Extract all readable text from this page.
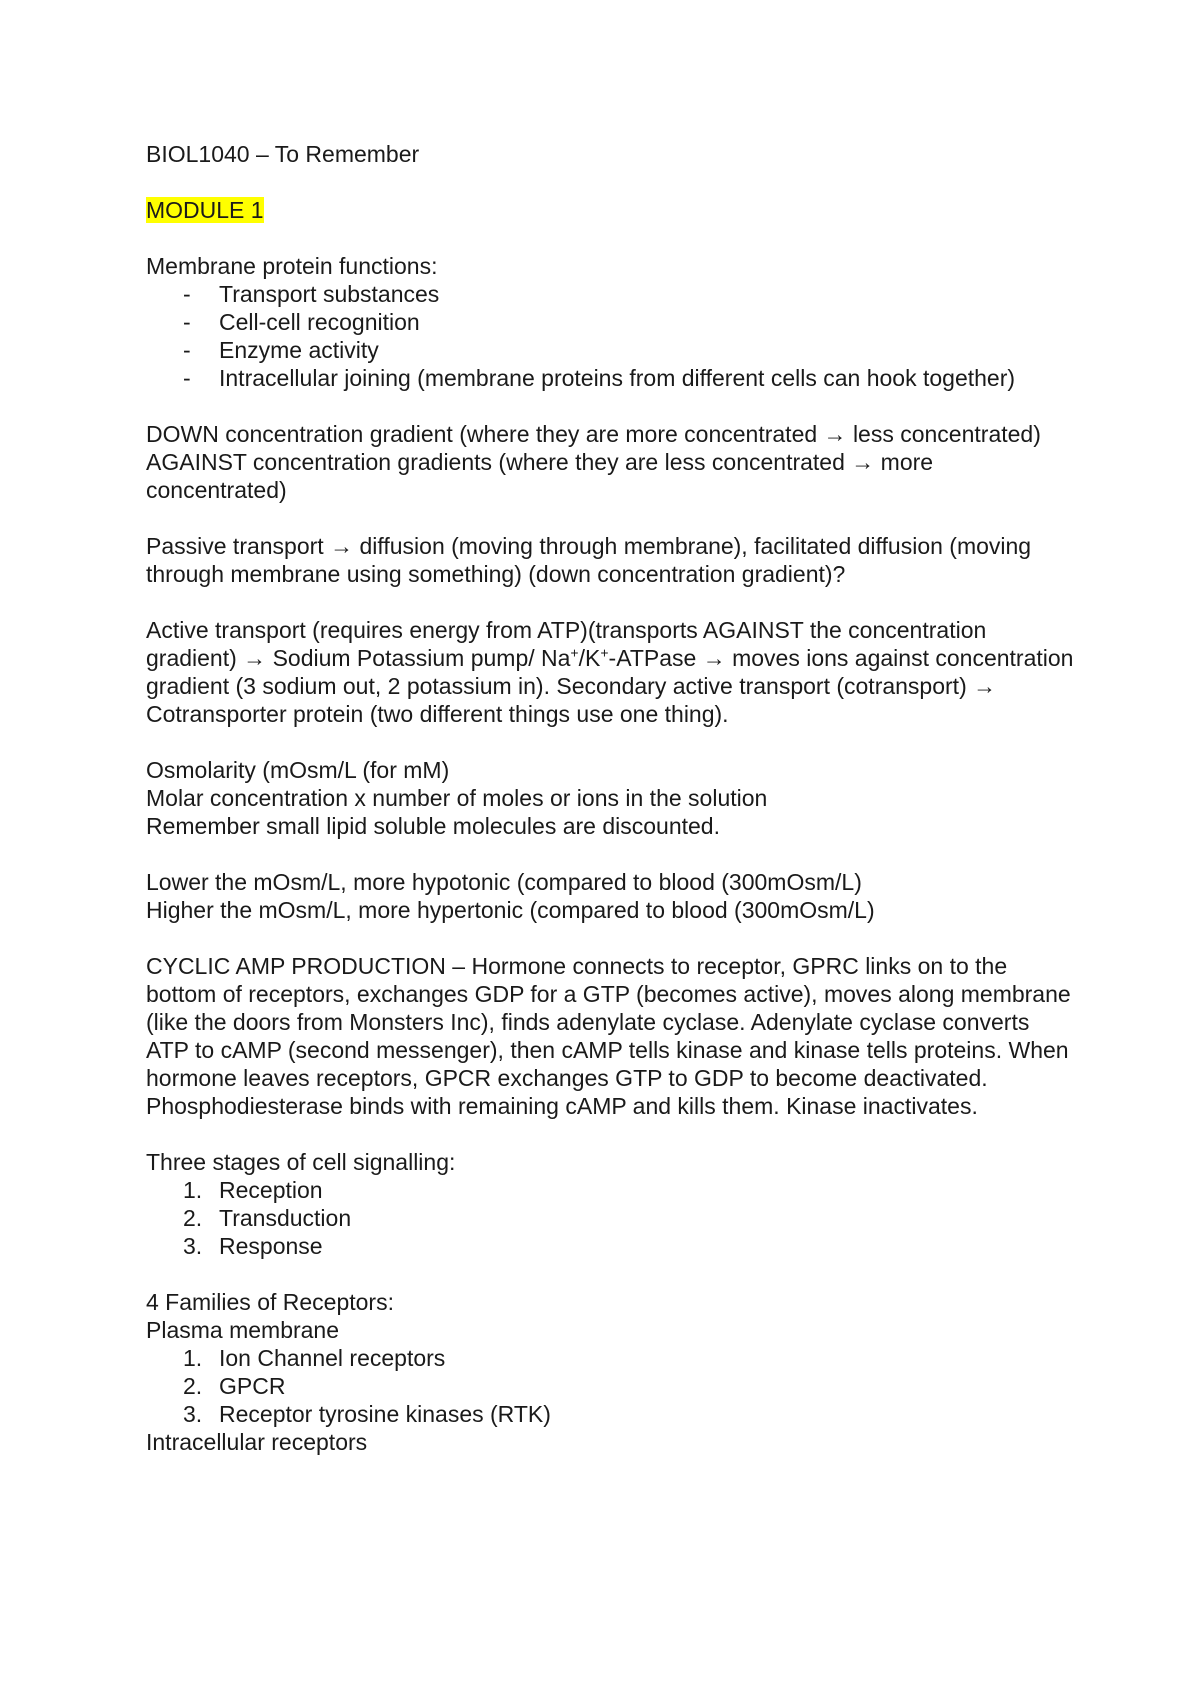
BIOL1040 – To Remember

MODULE 1

Membrane protein functions:

- Transport substances
- Cell-cell recognition
- Enzyme activity
- Intracellular joining (membrane proteins from different cells can hook together)

DOWN concentration gradient (where they are more concentrated → less concentrated)

AGAINST concentration gradients (where they are less concentrated → more concentrated)

Passive transport → diffusion (moving through membrane), facilitated diffusion (moving through membrane using something) (down concentration gradient)?

Active transport (requires energy from ATP)(transports AGAINST the concentration gradient) → Sodium Potassium pump/ Na+/K+-ATPase → moves ions against concentration gradient (3 sodium out, 2 potassium in). Secondary active transport (cotransport) → Cotransporter protein (two different things use one thing).

Osmolarity (mOsm/L (for mM)

Molar concentration x number of moles or ions in the solution

Remember small lipid soluble molecules are discounted.

Lower the mOsm/L, more hypotonic (compared to blood (300mOsm/L)

Higher the mOsm/L, more hypertonic (compared to blood (300mOsm/L)

CYCLIC AMP PRODUCTION – Hormone connects to receptor, GPRC links on to the bottom of receptors, exchanges GDP for a GTP (becomes active), moves along membrane (like the doors from Monsters Inc), finds adenylate cyclase. Adenylate cyclase converts ATP to cAMP (second messenger), then cAMP tells kinase and kinase tells proteins. When hormone leaves receptors, GPCR exchanges GTP to GDP to become deactivated. Phosphodiesterase binds with remaining cAMP and kills them. Kinase inactivates.

Three stages of cell signalling:

1. Reception
2. Transduction
3. Response

4 Families of Receptors:

Plasma membrane

1. Ion Channel receptors
2. GPCR
3. Receptor tyrosine kinases (RTK)

Intracellular receptors
